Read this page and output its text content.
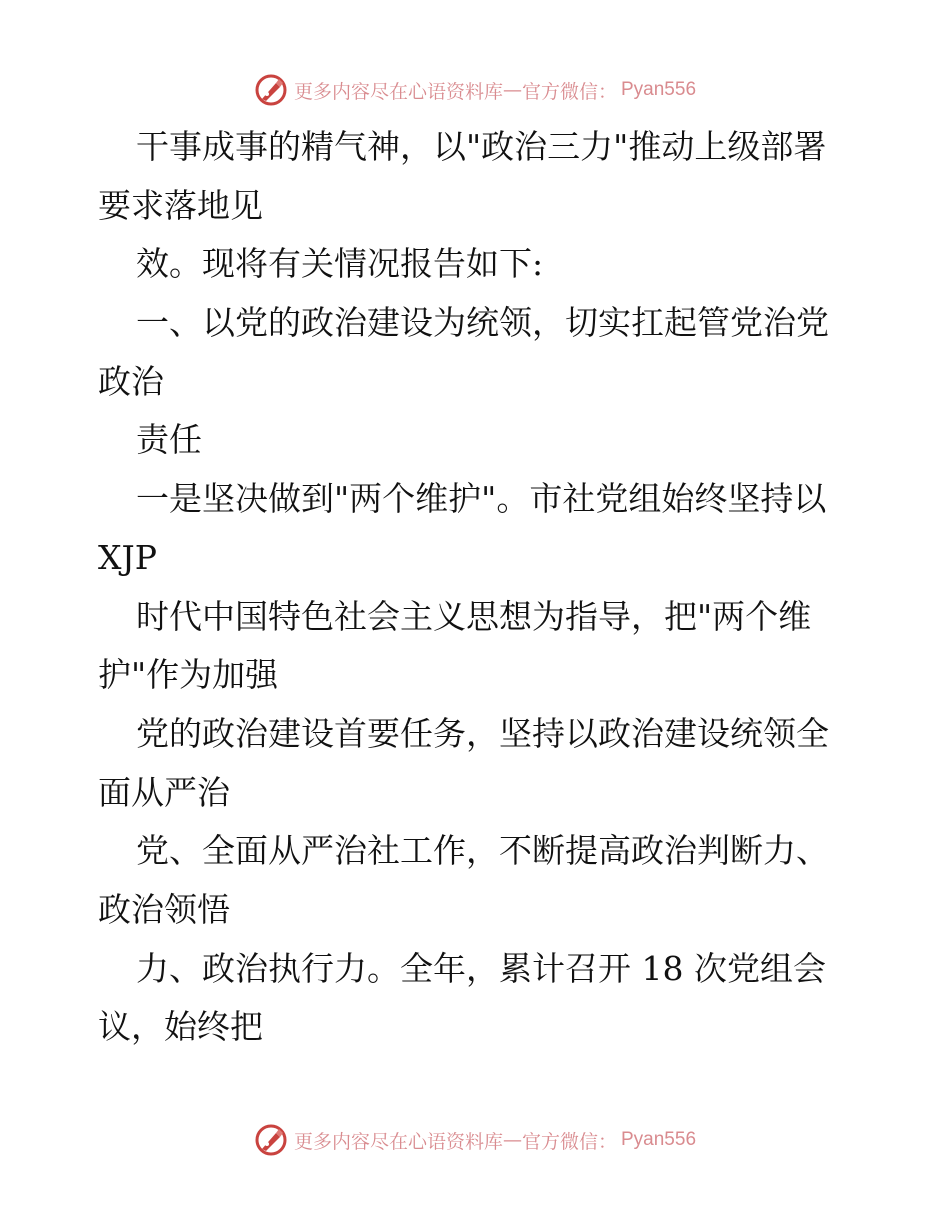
更多内容尽在心语资料库 — 官方微信： Pyan556
干事成事的精气神，以"政治三力"推动上级部署
要求落地见
效。现将有关情况报告如下:
一、以党的政治建设为统领，切实扛起管党治党
政治
责任
一是坚决做到"两个维护"。市社党组始终坚持以
XJP
时代中国特色社会主义思想为指导，把"两个维
护"作为加强
党的政治建设首要任务，坚持以政治建设统领全
面从严治
党、全面从严治社工作，不断提高政治判断力、
政治领悟
力、政治执行力。全年，累计召开 18 次党组会
议，始终把
更多内容尽在心语资料库 — 官方微信： Pyan556
